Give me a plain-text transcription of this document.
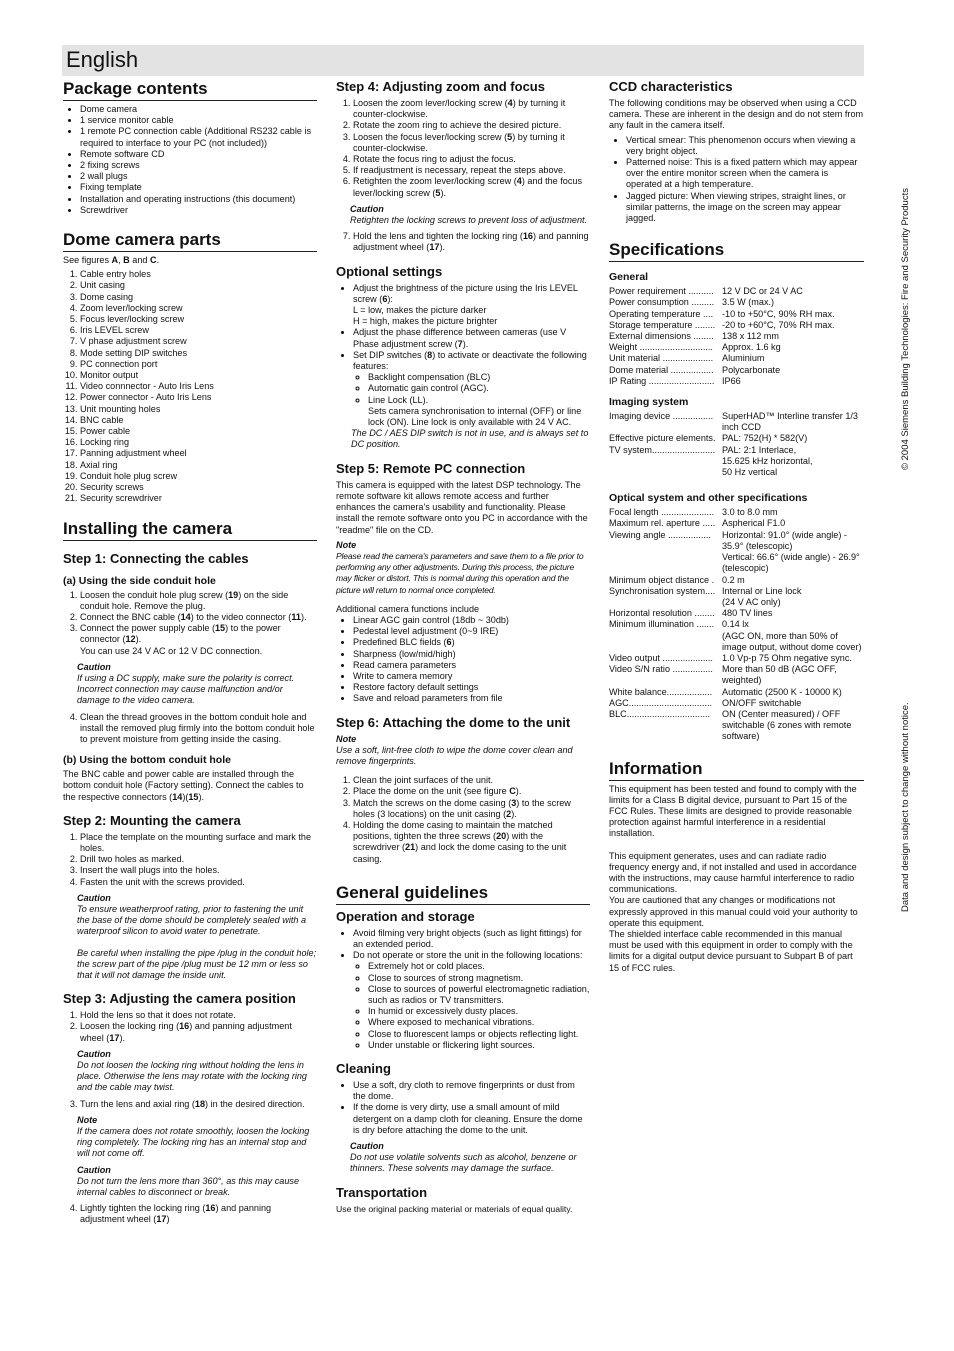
English
Package contents
• Dome camera
• 1 service monitor cable
• 1 remote PC connection cable (Additional RS232 cable is required to interface to your PC (not included))
• Remote software CD
• 2 fixing screws
• 2 wall plugs
• Fixing template
• Installation and operating instructions (this document)
• Screwdriver
Dome camera parts

See figures A, B and C.

1. Cable entry holes
2. Unit casing
3. Dome casing
4. Zoom lever/locking screw
5. Focus lever/locking screw
6. Iris LEVEL screw
7. V phase adjustment screw
8. Mode setting DIP switches
9. PC connection port
10. Monitor output
11. Video connnector - Auto Iris Lens
12. Power connector - Auto Iris Lens
13. Unit mounting holes
14. BNC cable
15. Power cable
16. Locking ring
17. Panning adjustment wheel
18. Axial ring
19. Conduit hole plug screw
20. Security screws
21. Security screwdriver
Installing the camera
Step 1: Connecting the cables
(a) Using the side conduit hole
1. Loosen the conduit hole plug screw (19) on the side conduit hole. Remove the plug.
2. Connect the BNC cable (14) to the video connector (11).
3. Connect the power supply cable (15) to the power connector (12).
You can use 24 V AC or 12 V DC connection.
Caution
If using a DC supply, make sure the polarity is correct. Incorrect connection may cause malfunction and/or damage to the video camera.
4. Clean the thread grooves in the bottom conduit hole and install the removed plug firmly into the bottom conduit hole to prevent moisture from getting inside the casing.
(b) Using the bottom conduit hole

The BNC cable and power cable are installed through the bottom conduit hole (Factory setting). Connect the cables to the respective connectors (14)(15).

Step 2: Mounting the camera
1. Place the template on the mounting surface and mark the holes.
2. Drill two holes as marked.
3. Insert the wall plugs into the holes.
4. Fasten the unit with the screws provided.
Caution
To ensure weatherproof rating, prior to fastening the unit the base of the dome should be completely sealed with a waterproof silicon to avoid water to penetrate.
Be careful when installing the pipe /plug in the conduit hole; the screw part of the pipe /plug must be 12 mm or less so that it will not damage the inside unit.
Step 3: Adjusting the camera position
1. Hold the lens so that it does not rotate.
2. Loosen the locking ring (16) and panning adjustment wheel (17).
Caution
Do not loosen the locking ring without holding the lens in place. Otherwise the lens may rotate with the locking ring and the cable may twist.
3. Turn the lens and axial ring (18) in the desired direction.
Note
If the camera does not rotate smoothly, loosen the locking ring completely. The locking ring has an internal stop and will not come off.
Caution
Do not turn the lens more than 360°, as this may cause internal cables to disconnect or break.
4. Lightly tighten the locking ring (16) and panning adjustment wheel (17)
Step 4: Adjusting zoom and focus
1. Loosen the zoom lever/locking screw (4) by turning it counter-clockwise.
2. Rotate the zoom ring to achieve the desired picture.
3. Loosen the focus lever/locking screw (5) by turning it counter-clockwise.
4. Rotate the focus ring to adjust the focus.
5. If readjustment is necessary, repeat the steps above.
6. Retighten the zoom lever/locking screw (4) and the focus lever/locking screw (5).
Caution
Retighten the locking screws to prevent loss of adjustment.
7. Hold the lens and tighten the locking ring (16) and panning adjustment wheel (17).
Optional settings
• Adjust the brightness of the picture using the Iris LEVEL screw (6):
L = low, makes the picture darker
H = high, makes the picture brighter
• Adjust the phase difference between cameras (use V Phase adjustment screw (7).
• Set DIP switches (8) to activate or deactivate the following features:
◦ Backlight compensation (BLC)
◦ Automatic gain control (AGC).
◦ Line Lock (LL).
Sets camera synchronisation to internal (OFF) or line lock (ON). Line lock is only available with 24 V AC.
The DC / AES DIP switch is not in use, and is always set to DC position.
Step 5: Remote PC connection

This camera is equipped with the latest DSP technology. The remote software kit allows remote access and further enhances the camera's usability and functionality. Please install the remote software onto you PC in accordance with the "readme" file on the CD.

Note
Please read the camera's parameters and save them to a file prior to performing any other adjustments. During this process, the picture may flicker or distort. This is normal during this operation and the picture will return to normal once completed.

Additional camera functions include

• Linear AGC gain control (18db ~ 30db)
• Pedestal level adjustment (0~9 IRE)
• Predefined BLC fields (6)
• Sharpness (low/mid/high)
• Read camera parameters
• Write to camera memory
• Restore factory default settings
• Save and reload parameters from file
Step 6: Attaching the dome to the unit
Note
Use a soft, lint-free cloth to wipe the dome cover clean and remove fingerprints.
1. Clean the joint surfaces of the unit.
2. Place the dome on the unit (see figure C).
3. Match the screws on the dome casing (3) to the screw holes (3 locations) on the unit casing (2).
4. Holding the dome casing to maintain the matched positions, tighten the three screws (20) with the screwdriver (21) and lock the dome casing to the unit casing.
General guidelines
Operation and storage
• Avoid filming very bright objects (such as light fittings) for an extended period.
• Do not operate or store the unit in the following locations:
◦ Extremely hot or cold places.
◦ Close to sources of strong magnetism.
◦ Close to sources of powerful electromagnetic radiation, such as radios or TV transmitters.
◦ In humid or excessively dusty places.
◦ Where exposed to mechanical vibrations.
◦ Close to fluorescent lamps or objects reflecting light.
◦ Under unstable or flickering light sources.
Cleaning
• Use a soft, dry cloth to remove fingerprints or dust from the dome.
• If the dome is very dirty, use a small amount of mild detergent on a damp cloth for cleaning. Ensure the dome is dry before attaching the dome to the unit.
Caution
Do not use volatile solvents such as alcohol, benzene or thinners. These solvents may damage the surface.
Transportation

Use the original packing material or materials of equal quality.

CCD characteristics

The following conditions may be observed when using a CCD camera. These are inherent in the design and do not stem from any fault in the camera itself.

• Vertical smear: This phenomenon occurs when viewing a very bright object.
• Patterned noise: This is a fixed pattern which may appear over the entire monitor screen when the camera is operated at a high temperature.
• Jagged picture: When viewing stripes, straight lines, or similar patterns, the image on the screen may appear jagged.
Specifications
General
Power requirement ..........	12 V DC or 24 V AC
Power consumption .........	3.5 W (max.)
Operating temperature ....	-10 to +50°C, 90% RH max.
Storage temperature ........	-20 to +60°C, 70% RH max.
External dimensions ........	138 x 112 mm
Weight .............................	Approx. 1.6 kg
Unit material ....................	Aluminium
Dome material .................	Polycarbonate
IP Rating ..........................	IP66
Imaging system
Imaging device ................	SuperHAD™ Interline transfer 1/3 inch CCD
Effective picture elements.	PAL: 752(H) * 582(V)
TV system.........................	PAL: 2:1 Interlace,
15.625 kHz horizontal,
50 Hz vertical
Optical system and other specifications
Focal length .....................	3.0 to 8.0 mm
Maximum rel. aperture .....	Aspherical F1.0
Viewing angle .................	Horizontal: 91.0° (wide angle) - 35.9° (telescopic)
Vertical: 66.6° (wide angle) - 26.9° (telescopic)
Minimum object distance .	0.2 m
Synchronisation system....	Internal or Line lock
(24 V AC only)
Horizontal resolution ........	480 TV lines
Minimum illumination .......	0.14 lx
(AGC ON, more than 50% of image output, without dome cover)
Video output ....................	1.0 Vp-p 75 Ohm negative sync.
Video S/N ratio ................	More than 50 dB (AGC OFF, weighted)
White balance..................	Automatic (2500 K - 10000 K)
AGC.................................	ON/OFF switchable
BLC.................................	ON (Center measured) / OFF switchable (6 zones with remote software)
Information

This equipment has been tested and found to comply with the limits for a Class B digital device, pursuant to Part 15 of the FCC Rules. These limits are designed to provide reasonable protection against harmful interference in a residential installation.

This equipment generates, uses and can radiate radio frequency energy and, if not installed and used in accordance with the instructions, may cause harmful interference to radio communications.

You are cautioned that any changes or modifications not expressly approved in this manual could void your authority to operate this equipment.

The shielded interface cable recommended in this manual must be used with this equipment in order to comply with the limits for a digital output device pursuant to Subpart B of part 15 of FCC rules.

© 2004 Siemens Building Technologies: Fire and Security Products
Data and design subject to change without notice.
